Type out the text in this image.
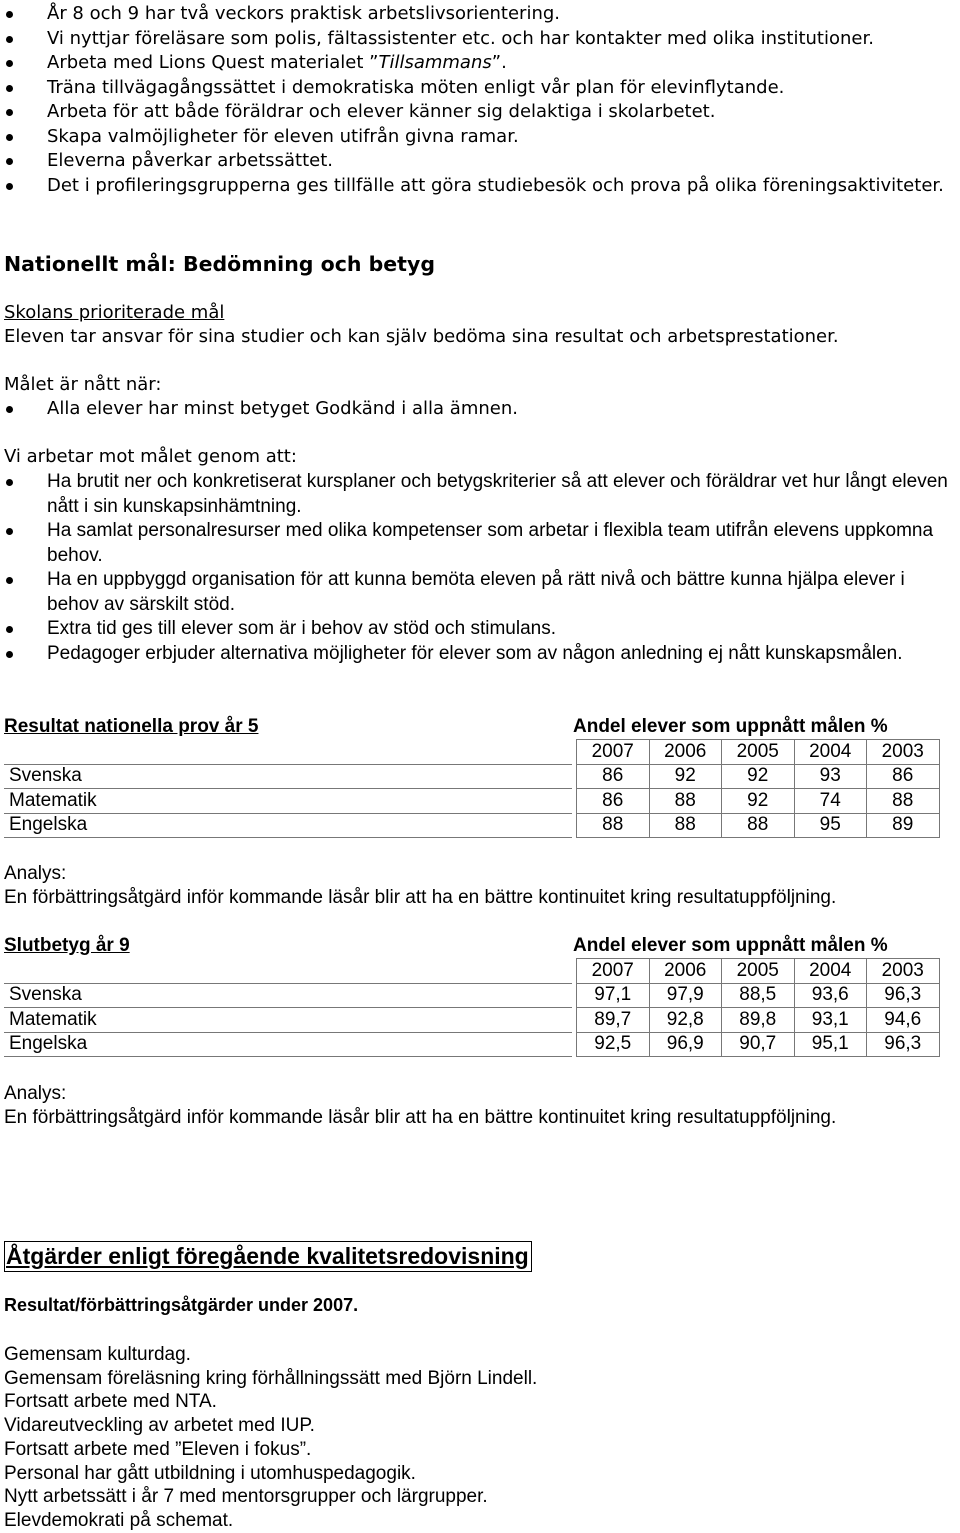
År 8 och 9 har två veckors praktisk arbetslivsorientering.
Vi nyttjar föreläsare som polis, fältassistenter etc. och har kontakter med olika institutioner.
Arbeta med Lions Quest materialet ”Tillsammans”.
Träna tillvägagångssättet i demokratiska möten enligt vår plan för elevinflytande.
Arbeta för att både föräldrar och elever känner sig delaktiga i skolarbetet.
Skapa valmöjligheter för eleven utifrån givna ramar.
Eleverna påverkar arbetssättet.
Det i profileringsgrupperna ges tillfälle att göra studiebesök och prova på olika föreningsaktiviteter.
Nationellt mål: Bedömning och betyg
Skolans prioriterade mål
Eleven tar ansvar för sina studier och kan själv bedöma sina resultat och arbetsprestationer.
Målet är nått när:
Alla elever har minst betyget Godkänd i alla ämnen.
Vi arbetar mot målet genom att:
Ha brutit ner och konkretiserat kursplaner och betygskriterier så att elever och föräldrar vet hur långt eleven nått i sin kunskapsinhämtning.
Ha samlat personalresurser med olika kompetenser som arbetar i flexibla team utifrån elevens uppkomna behov.
Ha en uppbyggd organisation för att kunna bemöta eleven på rätt nivå och bättre kunna hjälpa elever i behov av särskilt stöd.
Extra tid ges till elever som är i behov av stöd och stimulans.
Pedagoger erbjuder alternativa möjligheter för elever som av någon anledning ej nått kunskapsmålen.
Resultat nationella prov år 5	Andel elever som uppnått målen %
		2007	2006	2005	2004	2003
Svenska		86	92	92	93	86
Matematik		86	88	92	74	88
Engelska		88	88	88	95	89
Analys:
En förbättringsåtgärd inför kommande läsår blir att ha en bättre kontinuitet kring resultatuppföljning.
Slutbetyg år 9	Andel elever som uppnått målen %
		2007	2006	2005	2004	2003
Svenska		97,1	97,9	88,5	93,6	96,3
Matematik		89,7	92,8	89,8	93,1	94,6
Engelska		92,5	96,9	90,7	95,1	96,3
Analys:
En förbättringsåtgärd inför kommande läsår blir att ha en bättre kontinuitet kring resultatuppföljning.
Åtgärder enligt föregående kvalitetsredovisning
Resultat/förbättringsåtgärder under 2007.
Gemensam kulturdag.
Gemensam föreläsning kring förhållningssätt med Björn Lindell.
Fortsatt arbete med NTA.
Vidareutveckling av arbetet med IUP.
Fortsatt arbete med ”Eleven i fokus”.
Personal har gått utbildning i utomhuspedagogik.
Nytt arbetssätt i år 7 med mentorsgrupper och lärgrupper.
Elevdemokrati på schemat.
